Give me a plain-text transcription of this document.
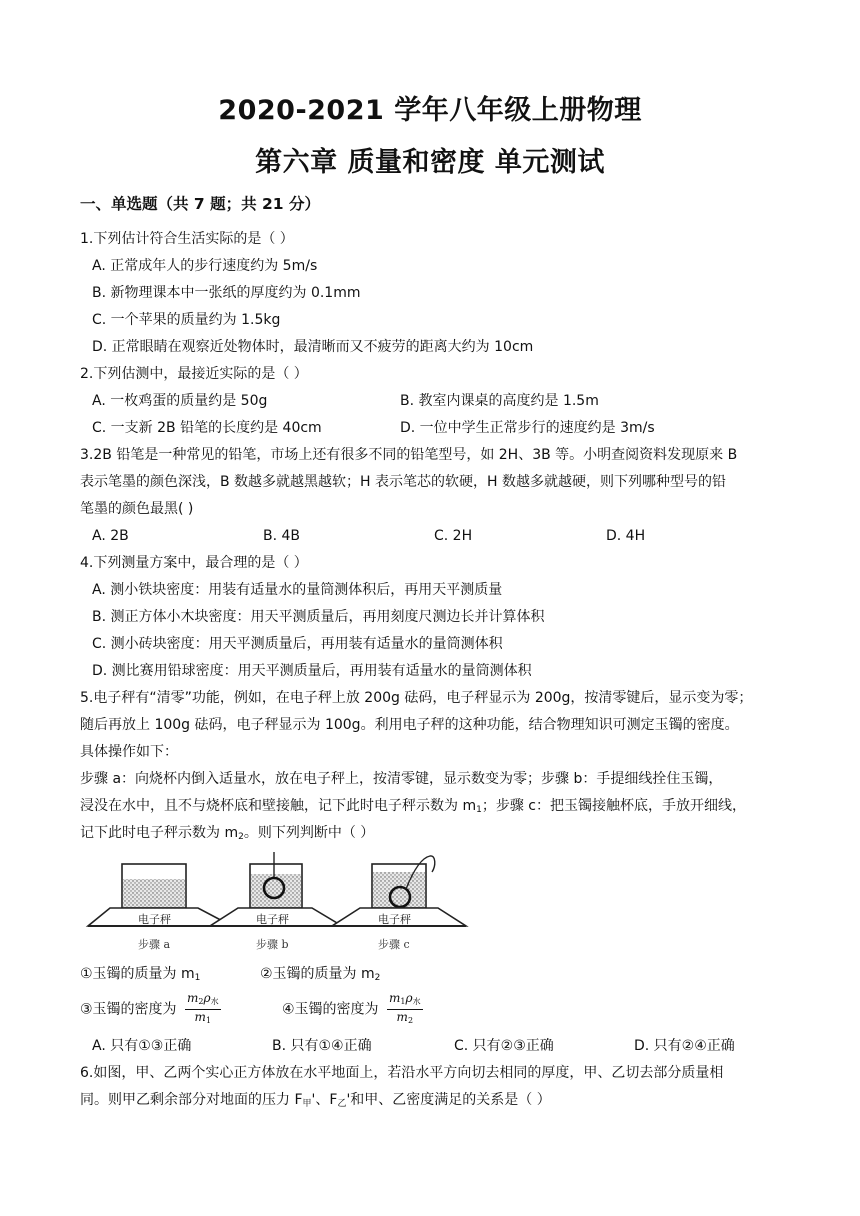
2020-2021 学年八年级上册物理
第六章 质量和密度 单元测试
一、单选题（共 7 题；共 21 分）
1.下列估计符合生活实际的是（ ）
A. 正常成年人的步行速度约为 5m/s
B. 新物理课本中一张纸的厚度约为 0.1mm
C. 一个苹果的质量约为 1.5kg
D. 正常眼睛在观察近处物体时，最清晰而又不疲劳的距离大约为 10cm
2.下列估测中，最接近实际的是（ ）
A. 一枚鸡蛋的质量约是 50g	B. 教室内课桌的高度约是 1.5m
C. 一支新 2B 铅笔的长度约是 40cm	D. 一位中学生正常步行的速度约是 3m/s
3.2B 铅笔是一种常见的铅笔，市场上还有很多不同的铅笔型号，如 2H、3B 等。小明查阅资料发现原来 B
表示笔墨的颜色深浅，B 数越多就越黑越软；H 表示笔芯的软硬，H 数越多就越硬，则下列哪种型号的铅
笔墨的颜色最黑( )
A. 2B	B. 4B	C. 2H	D. 4H
4.下列测量方案中，最合理的是（ ）
A. 测小铁块密度：用装有适量水的量筒测体积后，再用天平测质量
B. 测正方体小木块密度：用天平测质量后，再用刻度尺测边长并计算体积
C. 测小砖块密度：用天平测质量后，再用装有适量水的量筒测体积
D. 测比赛用铅球密度：用天平测质量后，再用装有适量水的量筒测体积
5.电子秤有“清零”功能，例如，在电子秤上放 200g 砝码，电子秤显示为 200g，按清零键后，显示变为零；
随后再放上 100g 砝码，电子秤显示为 100g。利用电子秤的这种功能，结合物理知识可测定玉镯的密度。
具体操作如下：
步骤 a：向烧杯内倒入适量水，放在电子秤上，按清零键，显示数变为零；步骤 b：手提细线拴住玉镯，
浸没在水中，且不与烧杯底和壁接触，记下此时电子秤示数为 $m_1$；步骤 c：把玉镯接触杯底，手放开细线，
记下此时电子秤示数为 $m_2$。则下列判断中（ ）
电子秤
步骤 a
电子秤
步骤 b
电子秤
步骤 c
①玉镯的质量为 $m_1$	②玉镯的质量为 $m_2$
③玉镯的密度为 $\frac{m_2\rho_水}{m_1}$	④玉镯的密度为 $\frac{m_1\rho_水}{m_2}$
A. 只有①③正确	B. 只有①④正确	C. 只有②③正确	D. 只有②④正确
6.如图，甲、乙两个实心正方体放在水平地面上，若沿水平方向切去相同的厚度，甲、乙切去部分质量相
同。则甲乙剩余部分对地面的压力 $F_甲'$、$F_乙'$和甲、乙密度满足的关系是（ ）
